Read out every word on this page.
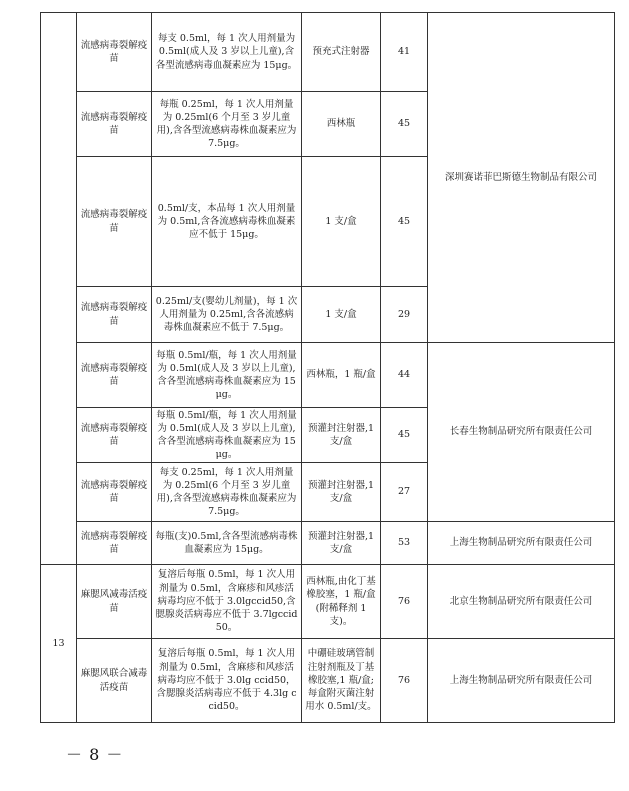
	流感病毒裂解疫苗	每支 0.5ml，每 1 次人用剂量为 0.5ml(成人及 3 岁以上儿童),含各型流感病毒血凝素应为 15μg。	预充式注射器	41	深圳赛诺菲巴斯德生物制品有限公司
	流感病毒裂解疫苗	每瓶 0.25ml，每 1 次人用剂量为 0.25ml(6 个月至 3 岁儿童用),含各型流感病毒株血凝素应为 7.5μg。	西林瓶	45	
	流感病毒裂解疫苗	0.5ml/支，本品每 1 次人用剂量为 0.5ml,含各流感病毒株血凝素应不低于 15μg。	1 支/盒	45	
	流感病毒裂解疫苗	0.25ml/支(婴幼儿剂量)，每 1 次人用剂量为 0.25ml,含各流感病毒株血凝素应不低于 7.5μg。	1 支/盒	29	
	流感病毒裂解疫苗	每瓶 0.5ml/瓶，每 1 次人用剂量为 0.5ml(成人及 3 岁以上儿童),含各型流感病毒株血凝素应为 15μg。	西林瓶，1 瓶/盒	44	长春生物制品研究所有限责任公司
	流感病毒裂解疫苗	每瓶 0.5ml/瓶，每 1 次人用剂量为 0.5ml(成人及 3 岁以上儿童),含各型流感病毒株血凝素应为 15μg。	预灌封注射器,1 支/盒	45	
	流感病毒裂解疫苗	每支 0.25ml，每 1 次人用剂量为 0.25ml(6 个月至 3 岁儿童用),含各型流感病毒株血凝素应为 7.5μg。	预灌封注射器,1 支/盒	27	
	流感病毒裂解疫苗	每瓶(支)0.5ml,含各型流感病毒株血凝素应为 15μg。	预灌封注射器,1 支/盒	53	上海生物制品研究所有限责任公司
13	麻腮风减毒活疫苗	复溶后每瓶 0.5ml，每 1 次人用剂量为 0.5ml，含麻疹和风疹活病毒均应不低于 3.0lgccid50,含腮腺炎活病毒应不低于 3.7lgccid50。	西林瓶,由化丁基橡胶塞，1 瓶/盒(附稀释剂 1 支)。	76	北京生物制品研究所有限责任公司
	麻腮风联合减毒活疫苗	复溶后每瓶 0.5ml，每 1 次人用剂量为 0.5ml，含麻疹和风疹活病毒均应不低于 3.0lg ccid50，含腮腺炎活病毒应不低于 4.3lg ccid50。	中硼硅玻璃管制注射剂瓶及丁基橡胶塞,1 瓶/盒;每盒附灭菌注射用水 0.5ml/支。	76	上海生物制品研究所有限责任公司
－ 8 －
